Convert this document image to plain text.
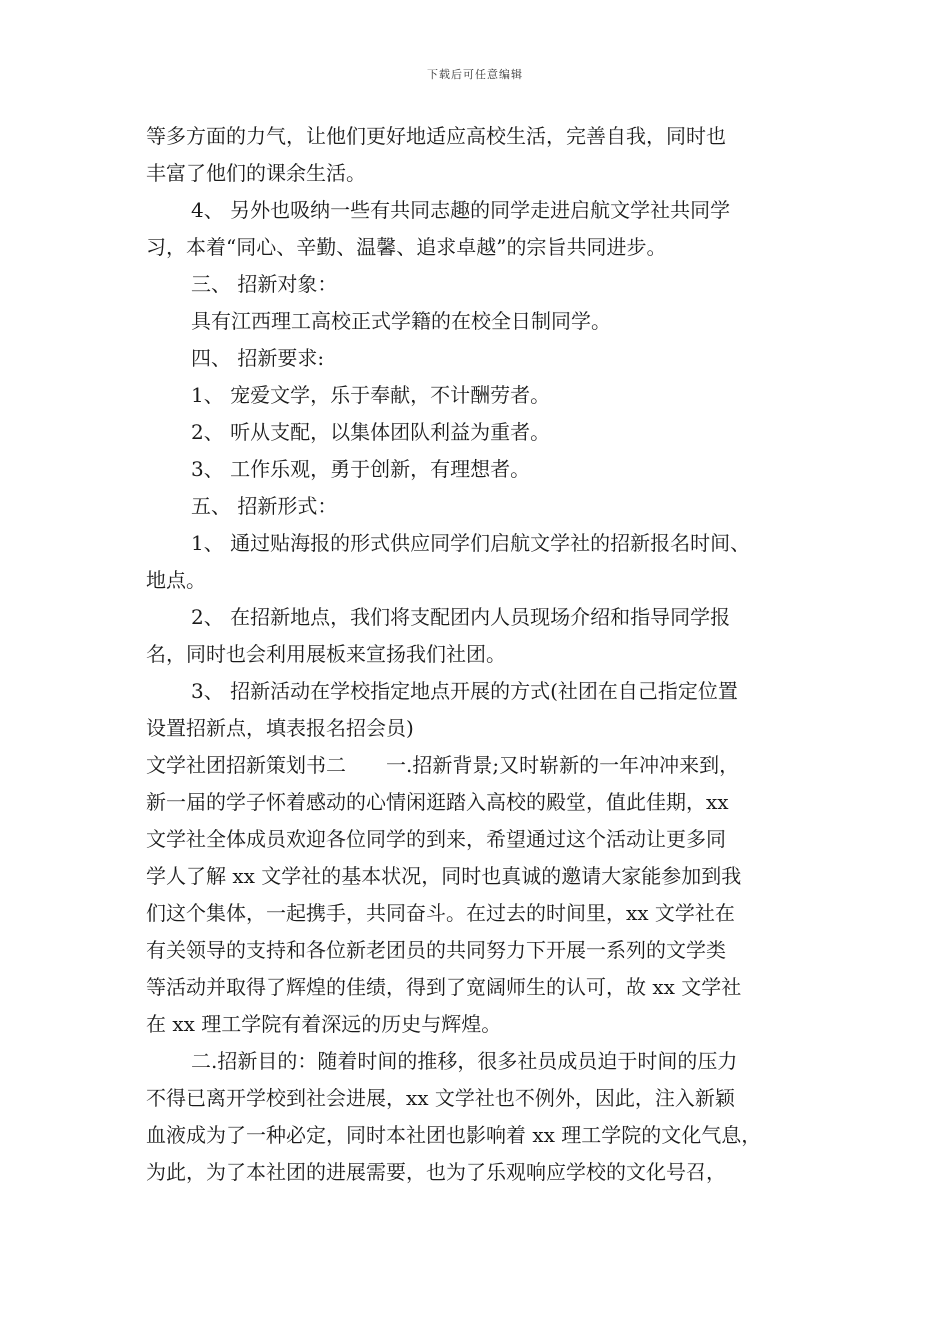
下载后可任意编辑
等多方面的力气，让他们更好地适应高校生活，完善自我，同时也
丰富了他们的课余生活。
4、 另外也吸纳一些有共同志趣的同学走进启航文学社共同学
习，本着“同心、辛勤、温馨、追求卓越”的宗旨共同进步。
三、 招新对象：
具有江西理工高校正式学籍的在校全日制同学。
四、 招新要求:
1、 宠爱文学，乐于奉献，不计酬劳者。
2、 听从支配，以集体团队利益为重者。
3、 工作乐观，勇于创新，有理想者。
五、 招新形式：
1、 通过贴海报的形式供应同学们启航文学社的招新报名时间、
地点。
2、 在招新地点，我们将支配团内人员现场介绍和指导同学报
名，同时也会利用展板来宣扬我们社团。
3、 招新活动在学校指定地点开展的方式(社团在自己指定位置
设置招新点，填表报名招会员)
文学社团招新策划书二　　一.招新背景;又时崭新的一年冲冲来到，
新一届的学子怀着感动的心情闲逛踏入高校的殿堂，值此佳期，xx
文学社全体成员欢迎各位同学的到来，希望通过这个活动让更多同
学人了解 xx 文学社的基本状况，同时也真诚的邀请大家能参加到我
们这个集体，一起携手，共同奋斗。在过去的时间里，xx 文学社在
有关领导的支持和各位新老团员的共同努力下开展一系列的文学类
等活动并取得了辉煌的佳绩，得到了宽阔师生的认可，故 xx 文学社
在 xx 理工学院有着深远的历史与辉煌。
二.招新目的：随着时间的推移，很多社员成员迫于时间的压力
不得已离开学校到社会进展，xx 文学社也不例外，因此，注入新颖
血液成为了一种必定，同时本社团也影响着 xx 理工学院的文化气息，
为此，为了本社团的进展需要，也为了乐观响应学校的文化号召，
